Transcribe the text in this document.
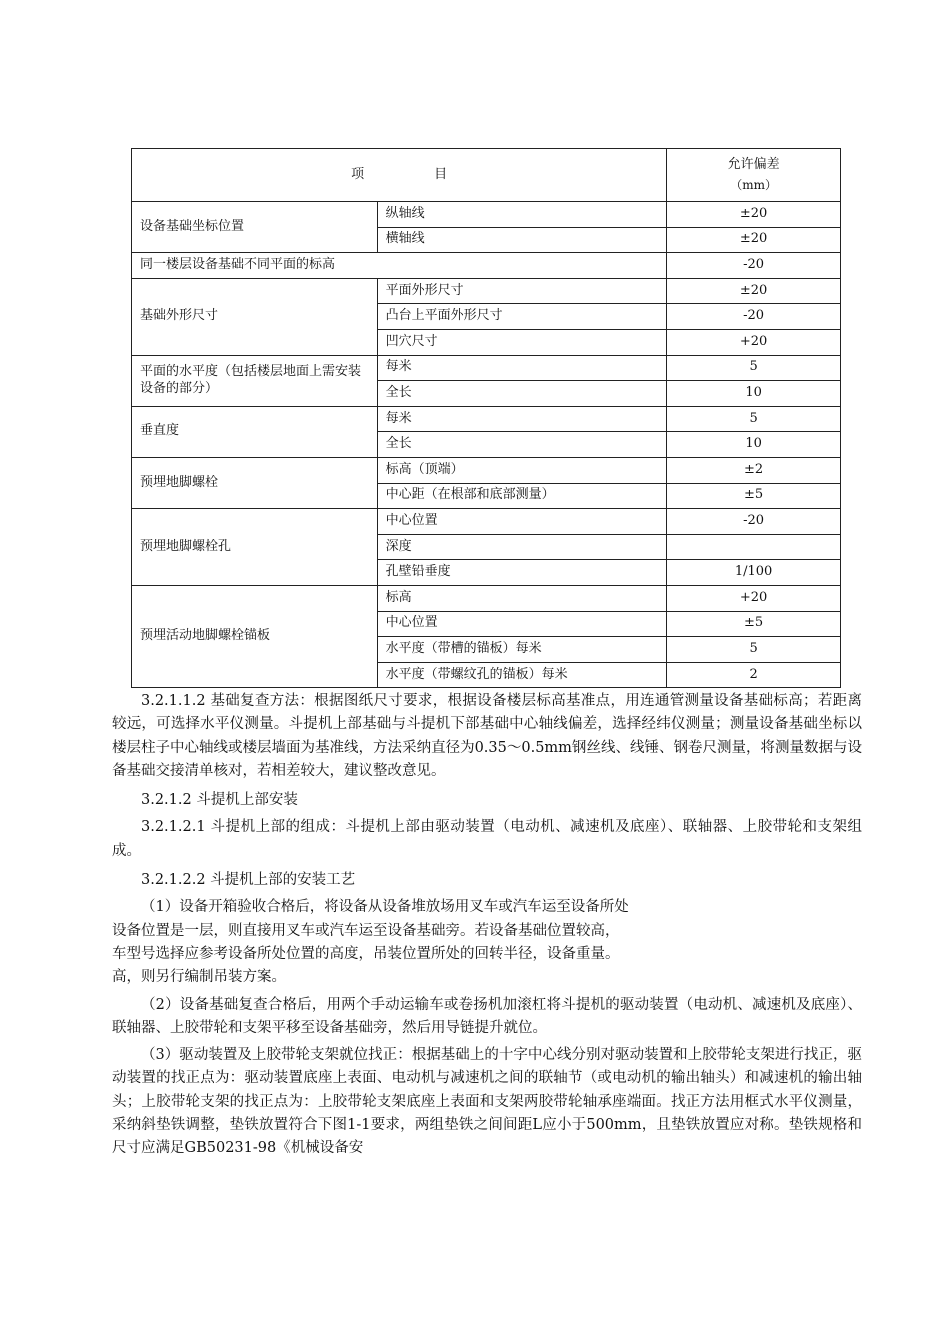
项 目		允许偏差
（mm）

设备基础坐标位置	纵轴线	±20
	横轴线	±20
同一楼层设备基础不同平面的标高		-20
基础外形尺寸	平面外形尺寸	±20
	凸台上平面外形尺寸	-20
	凹穴尺寸	+20
平面的水平度（包括楼层地面上需安装设备的部分）	每米	5
	全长	10
垂直度	每米	5
	全长	10
预埋地脚螺栓	标高（顶端）	±2
	中心距（在根部和底部测量）	±5
预埋地脚螺栓孔	中心位置	-20
	深度	
	孔壁铅垂度	1/100
预埋活动地脚螺栓锚板	标高	+20
	中心位置	±5
	水平度（带槽的锚板）每米	5
	水平度（带螺纹孔的锚板）每米	2

3.2.1.1.2 基础复查方法：根据图纸尺寸要求，根据设备楼层标高基准点，用连通管测量设备基础标高；若距离较远，可选择水平仪测量。斗提机上部基础与斗提机下部基础中心轴线偏差，选择经纬仪测量；测量设备基础坐标以楼层柱子中心轴线或楼层墙面为基准线，方法采纳直径为0.35～0.5mm钢丝线、线锤、钢卷尺测量，将测量数据与设备基础交接清单核对，若相差较大，建议整改意见。

3.2.1.2 斗提机上部安装

3.2.1.2.1 斗提机上部的组成：斗提机上部由驱动装置（电动机、减速机及底座）、联轴器、上胶带轮和支架组成。

3.2.1.2.2 斗提机上部的安装工艺

（1）设备开箱验收合格后，将设备从设备堆放场用叉车或汽车运至设备所处

设备位置是一层，则直接用叉车或汽车运至设备基础旁。若设备基础位置较高，

车型号选择应参考设备所处位置的高度，吊装位置所处的回转半径，设备重量。

高，则另行编制吊装方案。

（2）设备基础复查合格后，用两个手动运输车或卷扬机加滚杠将斗提机的驱动装置（电动机、减速机及底座）、联轴器、上胶带轮和支架平移至设备基础旁，然后用导链提升就位。

（3）驱动装置及上胶带轮支架就位找正：根据基础上的十字中心线分别对驱动装置和上胶带轮支架进行找正，驱动装置的找正点为：驱动装置底座上表面、电动机与减速机之间的联轴节（或电动机的输出轴头）和减速机的输出轴头；上胶带轮支架的找正点为：上胶带轮支架底座上表面和支架两胶带轮轴承座端面。找正方法用框式水平仪测量，采纳斜垫铁调整，垫铁放置符合下图1-1要求，两组垫铁之间间距L应小于500mm，且垫铁放置应对称。垫铁规格和尺寸应满足GB50231-98《机械设备安
